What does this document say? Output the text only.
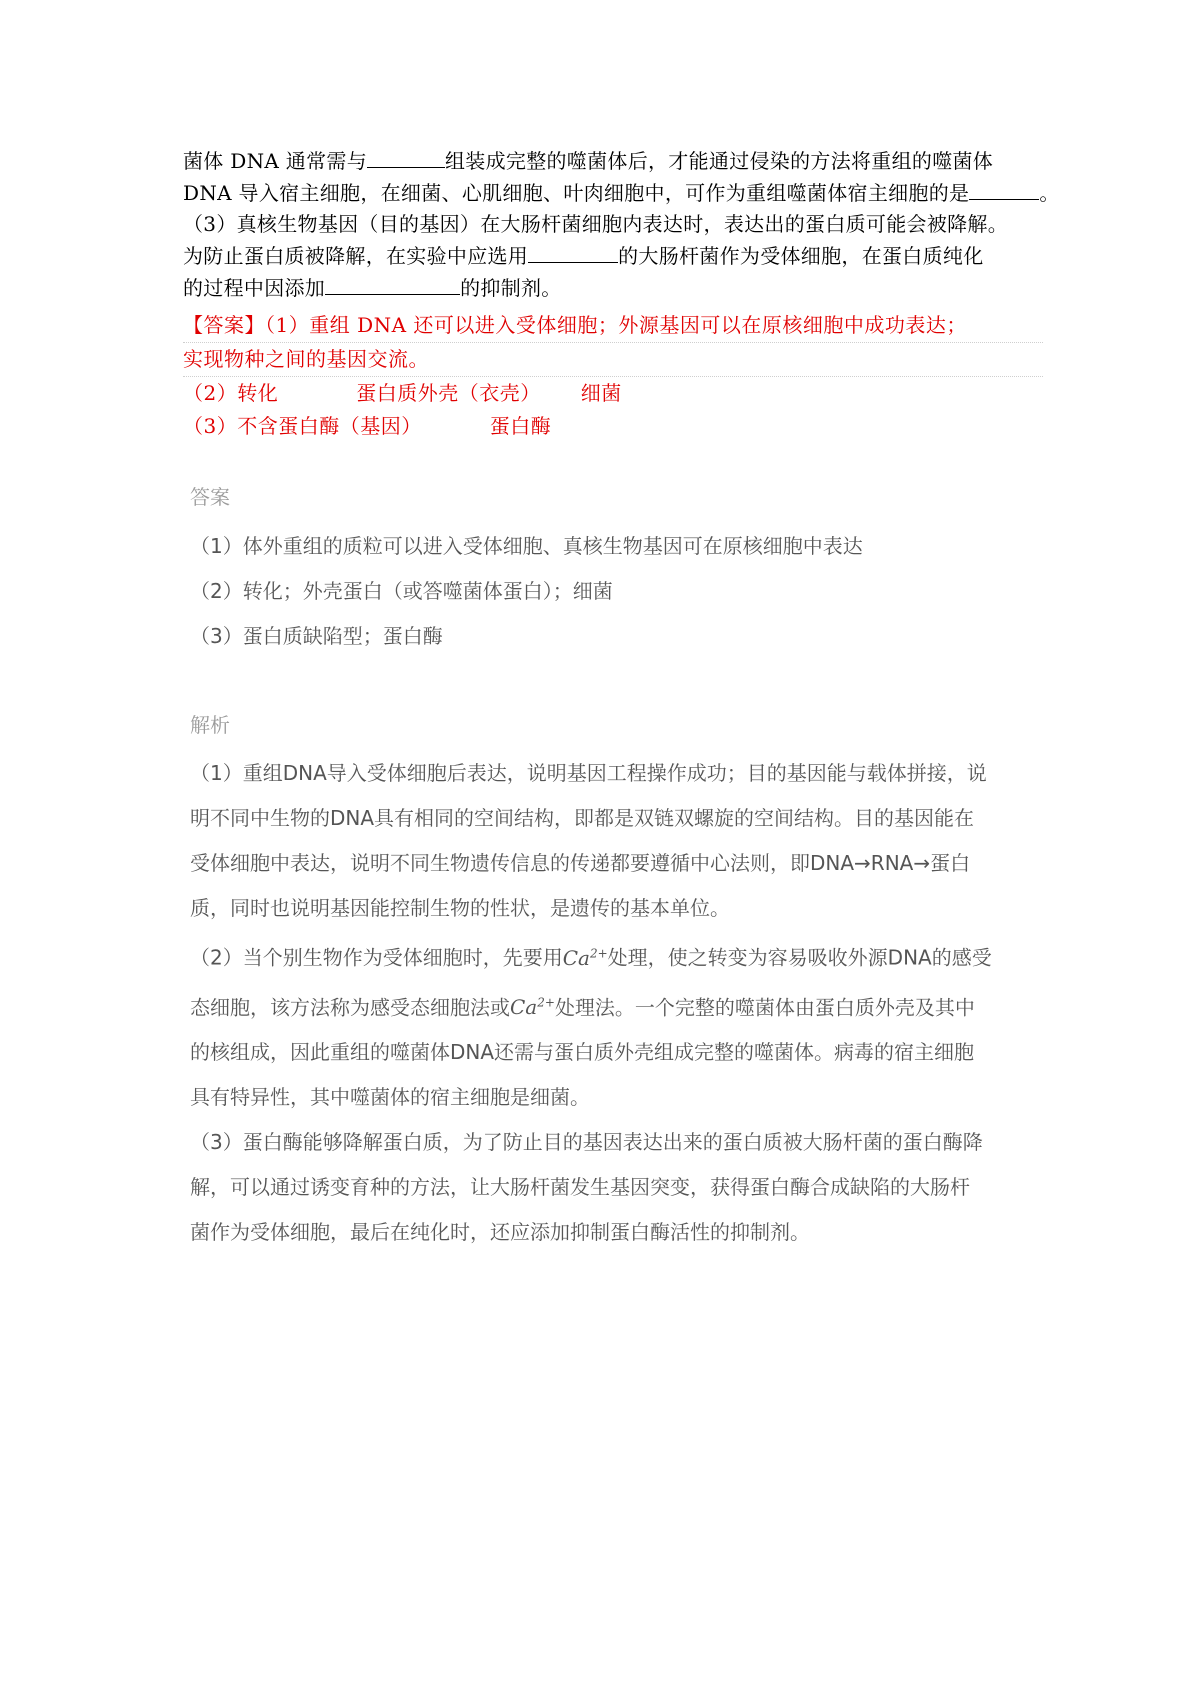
菌体 DNA 通常需与	组装成完整的噬菌体后，才能通过侵染的方法将重组的噬菌体

DNA 导入宿主细胞，在细菌、心肌细胞、叶肉细胞中，可作为重组噬菌体宿主细胞的是	。

（3）真核生物基因（目的基因）在大肠杆菌细胞内表达时，表达出的蛋白质可能会被降解。

为防止蛋白质被降解，在实验中应选用	的大肠杆菌作为受体细胞，在蛋白质纯化

的过程中因添加	的抑制剂。

【答案】（1）重组 DNA 还可以进入受体细胞；外源基因可以在原核细胞中成功表达；

实现物种之间的基因交流。

（2）转化	蛋白质外壳（衣壳） 细菌

（3）不含蛋白酶（基因）	蛋白酶

答案

（1）体外重组的质粒可以进入受体细胞、真核生物基因可在原核细胞中表达

（2）转化；外壳蛋白（或答噬菌体蛋白）；细菌

（3）蛋白质缺陷型；蛋白酶

解析

（1）重组DNA导入受体细胞后表达，说明基因工程操作成功；目的基因能与载体拼接，说

明不同中生物的DNA具有相同的空间结构，即都是双链双螺旋的空间结构。目的基因能在

受体细胞中表达，说明不同生物遗传信息的传递都要遵循中心法则，即DNA→RNA→蛋白

质，同时也说明基因能控制生物的性状，是遗传的基本单位。

（2）当个别生物作为受体细胞时，先要用$Ca^{2+}$处理，使之转变为容易吸收外源DNA的感受

态细胞，该方法称为感受态细胞法或$Ca^{2+}$处理法。一个完整的噬菌体由蛋白质外壳及其中

的核组成，因此重组的噬菌体DNA还需与蛋白质外壳组成完整的噬菌体。病毒的宿主细胞

具有特异性，其中噬菌体的宿主细胞是细菌。

（3）蛋白酶能够降解蛋白质，为了防止目的基因表达出来的蛋白质被大肠杆菌的蛋白酶降

解，可以通过诱变育种的方法，让大肠杆菌发生基因突变，获得蛋白酶合成缺陷的大肠杆

菌作为受体细胞，最后在纯化时，还应添加抑制蛋白酶活性的抑制剂。
